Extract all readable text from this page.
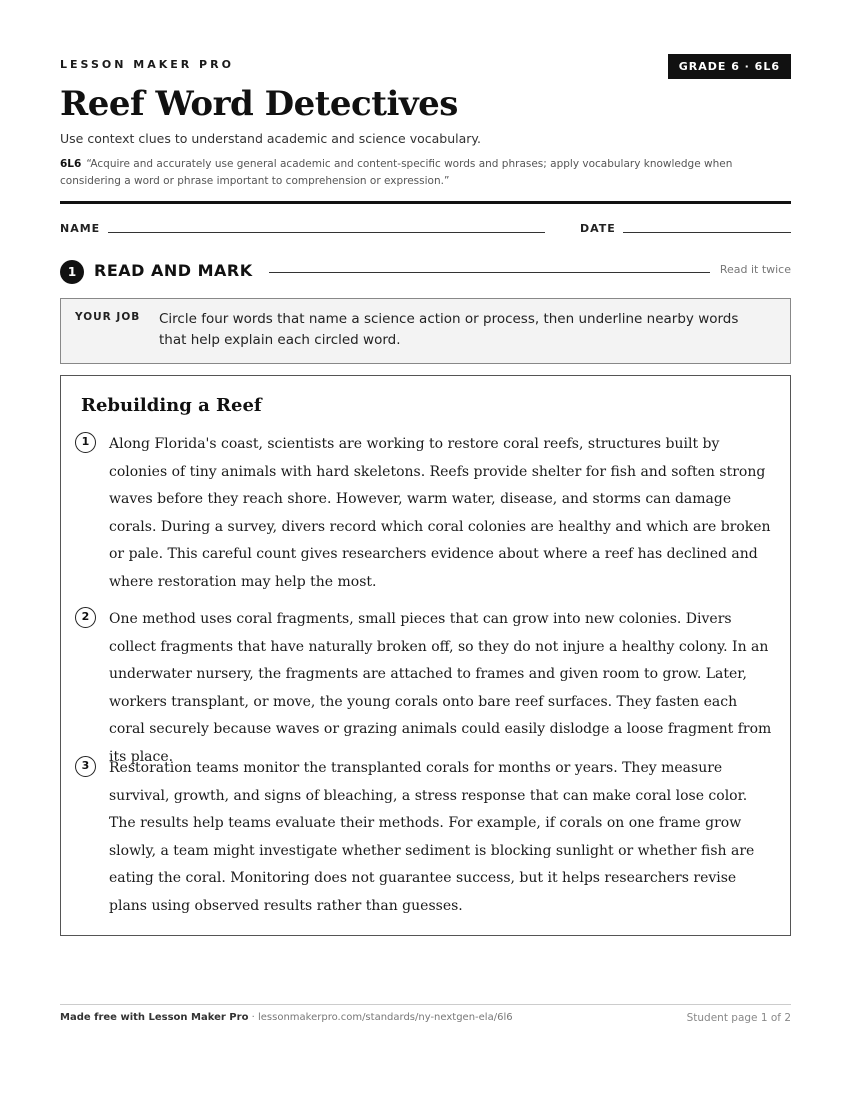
LESSON MAKER PRO	GRADE 6 · 6L6
Reef Word Detectives
Use context clues to understand academic and science vocabulary.
6L6 “Acquire and accurately use general academic and content-specific words and phrases; apply vocabulary knowledge when considering a word or phrase important to comprehension or expression.”
NAME	DATE
1	READ AND MARK	Read it twice
YOUR JOB Circle four words that name a science action or process, then underline nearby words that help explain each circled word.
Rebuilding a Reef
1	Along Florida's coast, scientists are working to restore coral reefs, structures built by colonies of tiny animals with hard skeletons. Reefs provide shelter for fish and soften strong waves before they reach shore. However, warm water, disease, and storms can damage corals. During a survey, divers record which coral colonies are healthy and which are broken or pale. This careful count gives researchers evidence about where a reef has declined and where restoration may help the most.
2	One method uses coral fragments, small pieces that can grow into new colonies. Divers collect fragments that have naturally broken off, so they do not injure a healthy colony. In an underwater nursery, the fragments are attached to frames and given room to grow. Later, workers transplant, or move, the young corals onto bare reef surfaces. They fasten each coral securely because waves or grazing animals could easily dislodge a loose fragment from its place.
3	Restoration teams monitor the transplanted corals for months or years. They measure survival, growth, and signs of bleaching, a stress response that can make coral lose color. The results help teams evaluate their methods. For example, if corals on one frame grow slowly, a team might investigate whether sediment is blocking sunlight or whether fish are eating the coral. Monitoring does not guarantee success, but it helps researchers revise plans using observed results rather than guesses.
Made free with Lesson Maker Pro · lessonmakerpro.com/standards/ny-nextgen-ela/6l6	Student page 1 of 2
